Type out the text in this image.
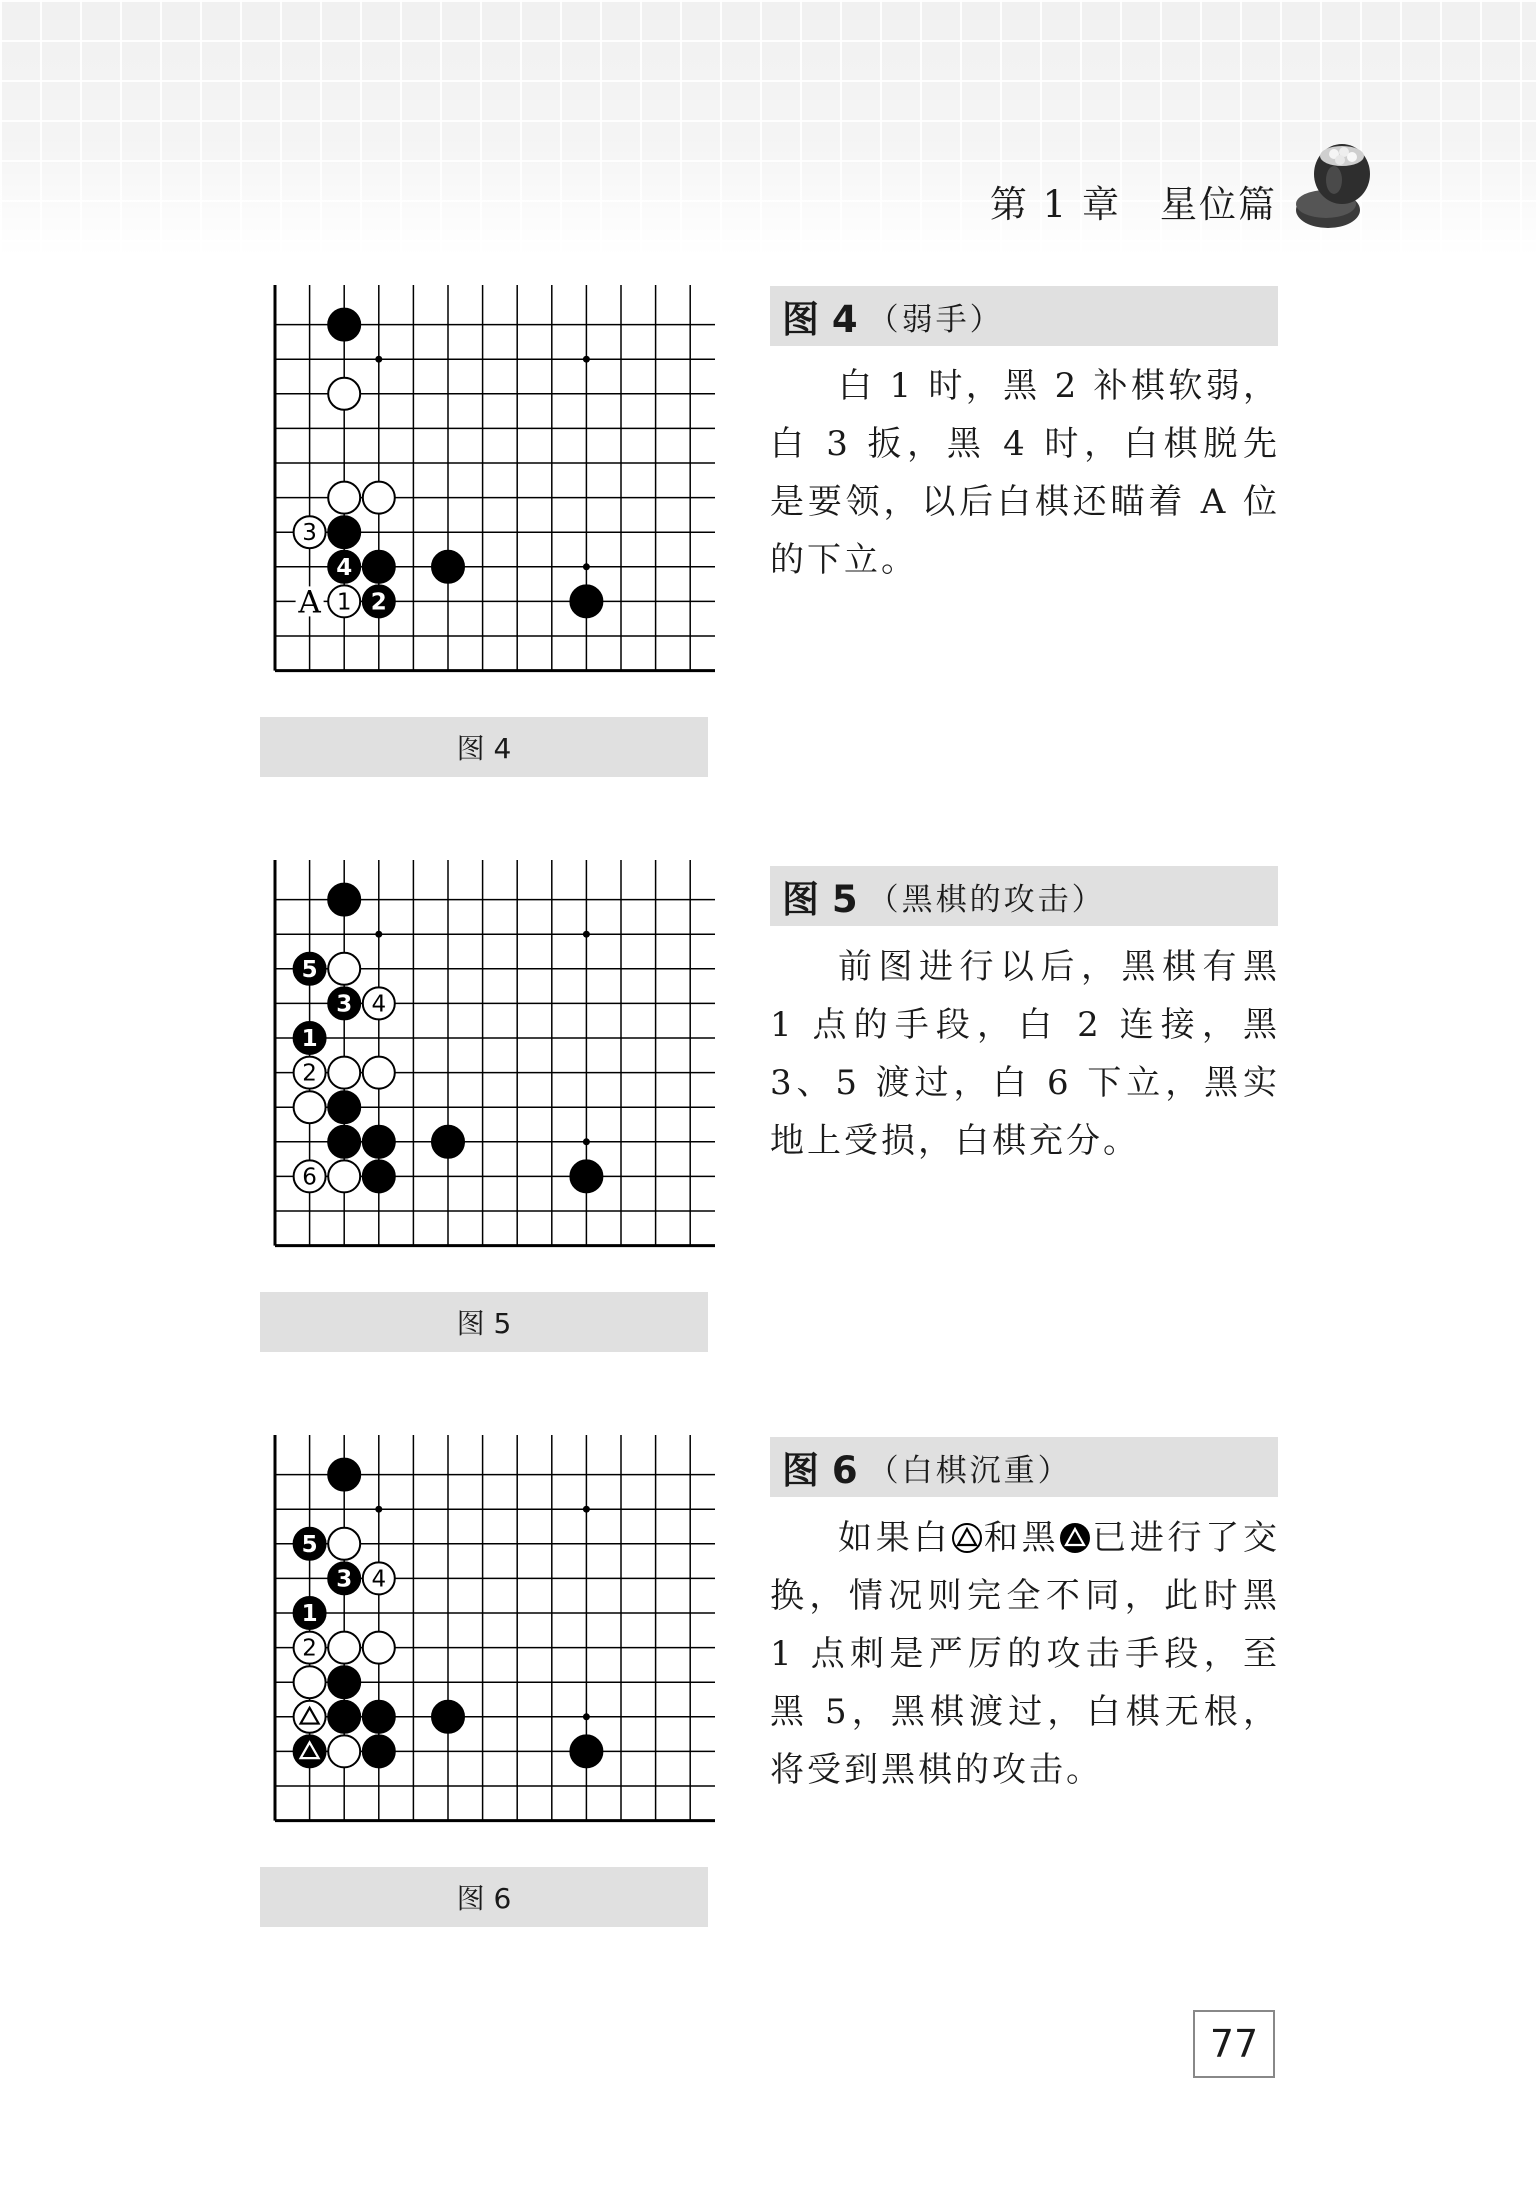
第 1 章　星位篇
A
3
4
1 2
图 4
图 4 （弱手）

白 1 时，黑 2 补棋软弱，白 3 扳，黑 4 时，白棋脱先是要领，以后白棋还瞄着 A 位的下立。

5
3 4
1
2
6
图 5
图 5 （黑棋的攻击）

前图进行以后，黑棋有黑 1 点的手段，白 2 连接，黑 3、5 渡过，白 6 下立，黑实地上受损，白棋充分。

5
3 4
1
2
图 6
图 6 （白棋沉重）

如果白 和黑 已进行了交换，情况则完全不同，此时黑 1 点刺是严厉的攻击手段，至黑 5，黑棋渡过，白棋无根，将受到黑棋的攻击。

77
